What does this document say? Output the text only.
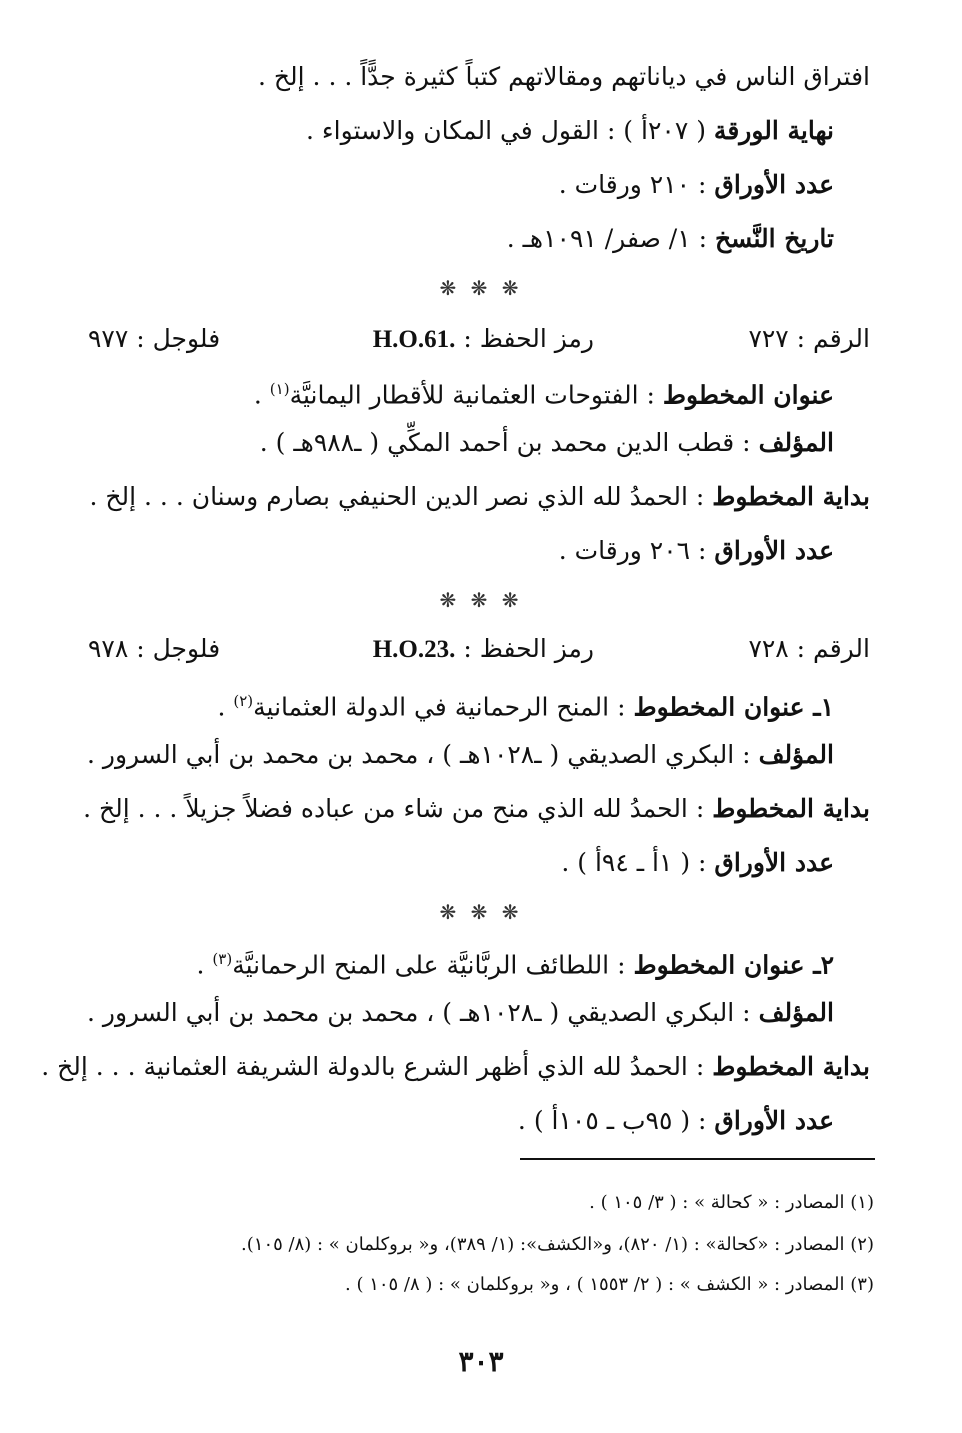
افتراق الناس في دياناتهم ومقالاتهم كتباً كثيرة جدًّاً . . . إلخ .
نهاية الورقة ( ٢٠٧أ ) : القول في المكان والاستواء .
عدد الأوراق : ٢١٠ ورقات .
تاريخ النَّسخ : ١/ صفر/ ١٠٩١هـ .
❋ ❋ ❋
الرقم : ٧٢٧
رمز الحفظ : H.O.61.
فلوجل : ٩٧٧
عنوان المخطوط : الفتوحات العثمانية للأقطار اليمانيَّة$^{(١)}$ .
المؤلف : قطب الدين محمد بن أحمد المكِّي ( ـ٩٨٨هـ ) .
بداية المخطوط : الحمدُ لله الذي نصر الدين الحنيفي بصارم وسنان . . . إلخ .
عدد الأوراق : ٢٠٦ ورقات .
❋ ❋ ❋
الرقم : ٧٢٨
رمز الحفظ : H.O.23.
فلوجل : ٩٧٨
١ـ عنوان المخطوط : المنح الرحمانية في الدولة العثمانية$^{(٢)}$ .
المؤلف : البكري الصديقي ( ـ١٠٢٨هـ ) ، محمد بن محمد بن أبي السرور .
بداية المخطوط : الحمدُ لله الذي منح من شاء من عباده فضلاً جزيلاً . . . إلخ .
عدد الأوراق : ( ١أ ـ ٩٤أ ) .
❋ ❋ ❋
٢ـ عنوان المخطوط : اللطائف الربَّانيَّة على المنح الرحمانيَّة$^{(٣)}$ .
المؤلف : البكري الصديقي ( ـ١٠٢٨هـ ) ، محمد بن محمد بن أبي السرور .
بداية المخطوط : الحمدُ لله الذي أظهر الشرع بالدولة الشريفة العثمانية . . . إلخ .
عدد الأوراق : ( ٩٥ب ـ ١٠٥أ ) .
(١) المصادر : « كحالة » : ( ٣/ ١٠٥ ) .
(٢) المصادر : «كحالة» : (١/ ٨٢٠)، و«الكشف»: (١/ ٣٨٩)، و« بروكلمان » : (٨/ ١٠٥).
(٣) المصادر : « الكشف » : ( ٢/ ١٥٥٣ ) ، و« بروكلمان » : ( ٨/ ١٠٥ ) .
٣٠٣
